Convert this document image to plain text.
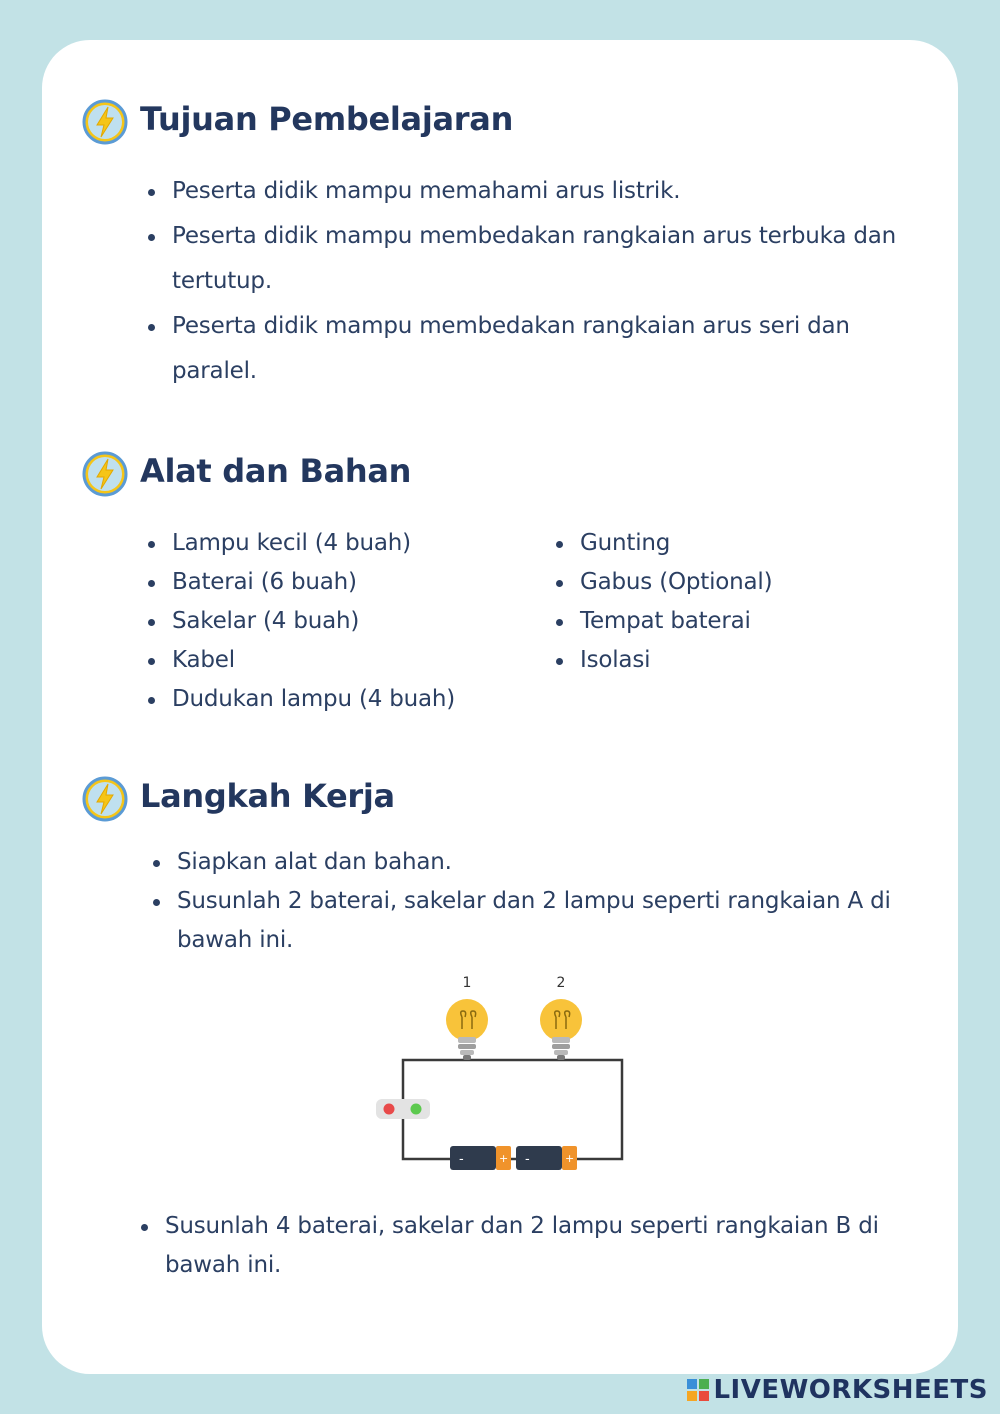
Tujuan Pembelajaran
Peserta didik mampu memahami arus listrik.
Peserta didik mampu membedakan rangkaian arus terbuka dan tertutup.
Peserta didik mampu membedakan rangkaian arus seri dan paralel.
Alat dan Bahan
Lampu kecil (4 buah)
Baterai (6 buah)
Sakelar (4 buah)
Kabel
Dudukan lampu (4 buah)
Gunting
Gabus (Optional)
Tempat baterai
Isolasi
Langkah Kerja
Siapkan alat dan bahan.
Susunlah 2 baterai, sakelar dan 2 lampu seperti rangkaian A di bawah ini.
1	2
-	+ -	+
Susunlah 4 baterai, sakelar dan 2 lampu seperti rangkaian B di bawah ini.
LIVEWORKSHEETS
